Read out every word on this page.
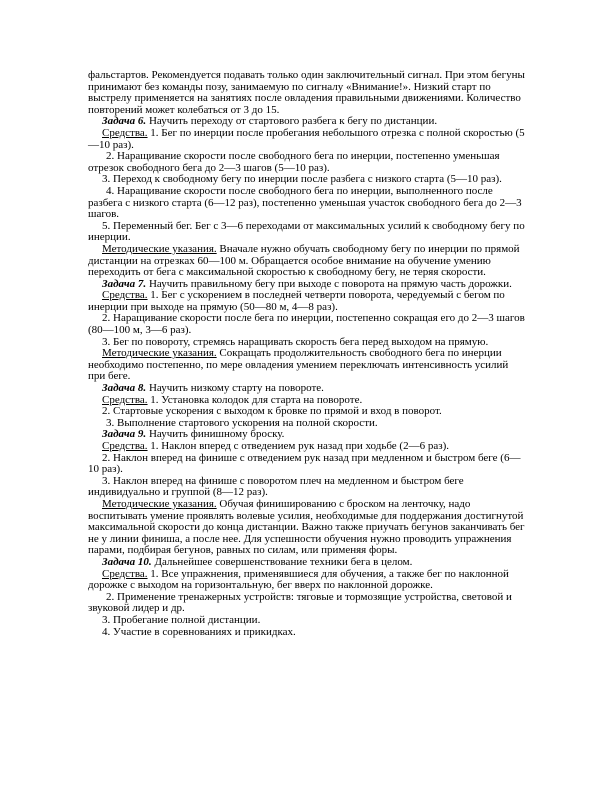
фальстартов. Рекомендуется подавать только один заключительный сигнал. При этом бегуны принимают без команды позу, занимаемую по сигналу «Внимание!». Низкий старт по выстрелу применяется на занятиях после овладения правильными движениями. Количество повторений может колебаться от 3 до 15.

Задача 6. Научить переходу от стартового разбега к бегу по дистанции.

Средства. 1. Бег по инерции после пробегания небольшого отрезка с полной скоростью (5—10 раз).

2. Наращивание скорости после свободного бега по инерции, постепенно уменьшая отрезок свободного бега до 2—3 шагов (5—10 раз).

3. Переход к свободному бегу по инерции после разбега с низкого старта (5—10 раз).

4. Наращивание скорости после свободного бега по инерции, выполненного после разбега с низкого старта (6—12 раз), постепенно уменьшая участок свободного бега до 2—3 шагов.

5. Переменный бег. Бег с 3—6 переходами от максимальных усилий к свободному бегу по инерции.

Методические указания. Вначале нужно обучать свободному бегу по инерции по прямой дистанции на отрезках 60—100 м. Обращается особое внимание на обучение умению переходить от бега с максимальной скоростью к свободному бегу, не теряя скорости.

Задача 7. Научить правильному бегу при выходе с поворота на прямую часть дорожки.

Средства. 1. Бег с ускорением в последней четверти поворота, чередуемый с бегом по инерции при выходе на прямую (50—80 м, 4—8 раз).

2. Наращивание скорости после бега по инерции, постепенно сокращая его до 2—3 шагов (80—100 м, 3—6 раз).

3. Бег по повороту, стремясь наращивать скорость бега перед выходом на прямую.

Методические указания. Сокращать продолжительность свободного бега по инерции необходимо постепенно, по мере овладения умением переключать интенсивность усилий при беге.

Задача 8. Научить низкому старту на повороте.

Средства. 1. Установка колодок для старта на повороте.

2. Стартовые ускорения с выходом к бровке по прямой и вход в поворот.

3. Выполнение стартового ускорения на полной скорости.

Задача 9. Научить финишному броску.

Средства. 1. Наклон вперед с отведением рук назад при ходьбе (2—6 раз).

2. Наклон вперед на финише с отведением рук назад при медленном и быстром беге (6—10 раз).

3. Наклон вперед на финише с поворотом плеч на медленном и быстром беге индивидуально и группой (8—12 раз).

Методические указания. Обучая финишированию с броском на ленточку, надо воспитывать умение проявлять волевые усилия, необходимые для поддержания достигнутой максимальной скорости до конца дистанции. Важно также приучать бегунов заканчивать бег не у линии финиша, а после нее. Для успешности обучения нужно проводить упражнения парами, подбирая бегунов, равных по силам, или применяя форы.

Задача 10. Дальнейшее совершенствование техники бега в целом.

Средства. 1. Все упражнения, применявшиеся для обучения, а также бег по наклонной дорожке с выходом на горизонтальную, бег вверх по наклонной дорожке.

2. Применение тренажерных устройств: тяговые и тормозящие устройства, световой и звуковой лидер и др.

3. Пробегание полной дистанции.

4. Участие в соревнованиях и прикидках.
